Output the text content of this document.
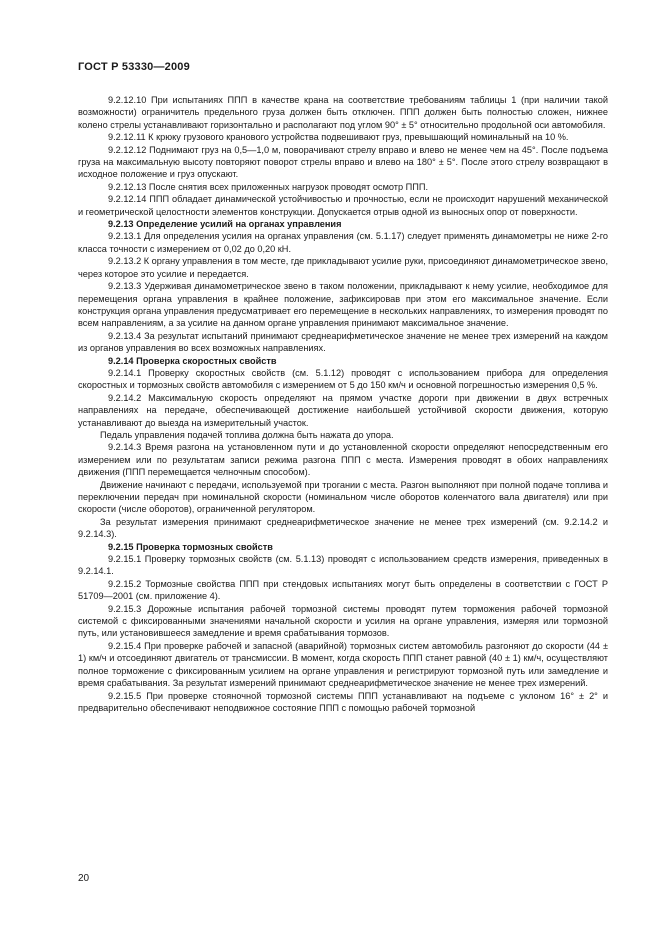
ГОСТ Р 53330—2009

9.2.12.10 При испытаниях ППП в качестве крана на соответствие требованиям таблицы 1 (при наличии такой возможности) ограничитель предельного груза должен быть отключен. ППП должен быть полностью сложен, нижнее колено стрелы устанавливают горизонтально и располагают под углом 90° ± 5° относительно продольной оси автомобиля.

9.2.12.11 К крюку грузового кранового устройства подвешивают груз, превышающий номинальный на 10 %.

9.2.12.12 Поднимают груз на 0,5—1,0 м, поворачивают стрелу вправо и влево не менее чем на 45°. После подъема груза на максимальную высоту повторяют поворот стрелы вправо и влево на 180° ± 5°. После этого стрелу возвращают в исходное положение и груз опускают.

9.2.12.13 После снятия всех приложенных нагрузок проводят осмотр ППП.

9.2.12.14 ППП обладает динамической устойчивостью и прочностью, если не происходит нарушений механической и геометрической целостности элементов конструкции. Допускается отрыв одной из выносных опор от поверхности.

9.2.13 Определение усилий на органах управления

9.2.13.1 Для определения усилия на органах управления (см. 5.1.17) следует применять динамометры не ниже 2-го класса точности с измерением от 0,02 до 0,20 кН.

9.2.13.2 К органу управления в том месте, где прикладывают усилие руки, присоединяют динамометрическое звено, через которое это усилие и передается.

9.2.13.3 Удерживая динамометрическое звено в таком положении, прикладывают к нему усилие, необходимое для перемещения органа управления в крайнее положение, зафиксировав при этом его максимальное значение. Если конструкция органа управления предусматривает его перемещение в нескольких направлениях, то измерения проводят по всем направлениям, а за усилие на данном органе управления принимают максимальное значение.

9.2.13.4 За результат испытаний принимают среднеарифметическое значение не менее трех измерений на каждом из органов управления во всех возможных направлениях.

9.2.14 Проверка скоростных свойств

9.2.14.1 Проверку скоростных свойств (см. 5.1.12) проводят с использованием прибора для определения скоростных и тормозных свойств автомобиля с измерением от 5 до 150 км/ч и основной погрешностью измерения 0,5 %.

9.2.14.2 Максимальную скорость определяют на прямом участке дороги при движении в двух встречных направлениях на передаче, обеспечивающей достижение наибольшей устойчивой скорости движения, которую устанавливают до выезда на измерительный участок.

Педаль управления подачей топлива должна быть нажата до упора.

9.2.14.3 Время разгона на установленном пути и до установленной скорости определяют непосредственным его измерением или по результатам записи режима разгона ППП с места. Измерения проводят в обоих направлениях движения (ППП перемещается челночным способом).

Движение начинают с передачи, используемой при трогании с места. Разгон выполняют при полной подаче топлива и переключении передач при номинальной скорости (номинальном числе оборотов коленчатого вала двигателя) или при скорости (числе оборотов), ограниченной регулятором.

За результат измерения принимают среднеарифметическое значение не менее трех измерений (см. 9.2.14.2 и 9.2.14.3).

9.2.15 Проверка тормозных свойств

9.2.15.1 Проверку тормозных свойств (см. 5.1.13) проводят с использованием средств измерения, приведенных в 9.2.14.1.

9.2.15.2 Тормозные свойства ППП при стендовых испытаниях могут быть определены в соответствии с ГОСТ Р 51709—2001 (см. приложение 4).

9.2.15.3 Дорожные испытания рабочей тормозной системы проводят путем торможения рабочей тормозной системой с фиксированными значениями начальной скорости и усилия на органе управления, измеряя или тормозной путь, или установившееся замедление и время срабатывания тормозов.

9.2.15.4 При проверке рабочей и запасной (аварийной) тормозных систем автомобиль разгоняют до скорости (44 ± 1) км/ч и отсоединяют двигатель от трансмиссии. В момент, когда скорость ППП станет равной (40 ± 1) км/ч, осуществляют полное торможение с фиксированным усилием на органе управления и регистрируют тормозной путь или замедление и время срабатывания. За результат измерений принимают среднеарифметическое значение не менее трех измерений.

9.2.15.5 При проверке стояночной тормозной системы ППП устанавливают на подъеме с уклоном 16° ± 2° и предварительно обеспечивают неподвижное состояние ППП с помощью рабочей тормозной

20
